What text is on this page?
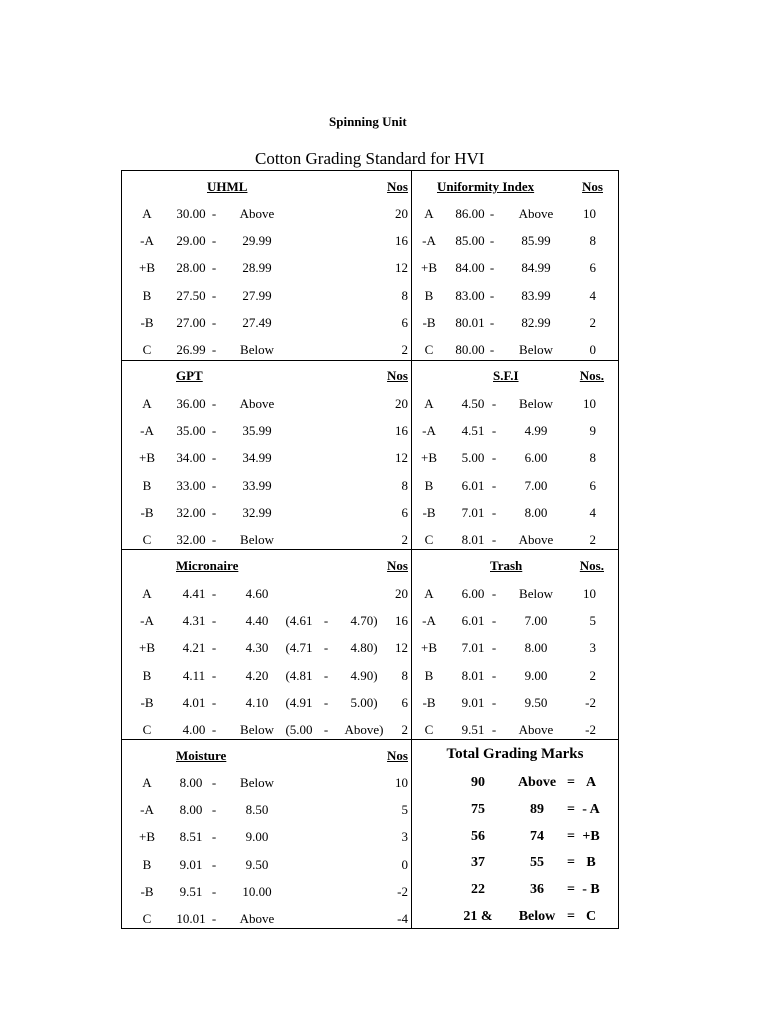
Spinning Unit
Cotton Grading Standard for HVI
UHML	Nos
A 30.00 - Above	20
-A 29.00 - 29.99	16
+B 28.00 - 28.99	12
B 27.50 - 27.99	8
-B 27.00 - 27.49	6
C 26.99 - Below	2
Uniformity Index	Nos
A 86.00 - Above 10
-A 85.00 - 85.99	8
+B 84.00 - 84.99	6
B 83.00 - 83.99	4
-B 80.01 - 82.99	2
C 80.00 - Below	0
GPT	Nos
A 36.00 - Above	20
-A 35.00 - 35.99	16
+B 34.00 - 34.99	12
B 33.00 - 33.99	8
-B 32.00 - 32.99	6
C 32.00 - Below	2
S.F.I	Nos.
A 4.50 - Below 10
-A 4.51 - 4.99	9
+B 5.00 - 6.00	8
B 6.01 - 7.00	6
-B 7.01 - 8.00	4
C 8.01 - Above	2
Micronaire	Nos
A 4.41 - 4.60	20
-A 4.31 - 4.40 (4.61 - 4.70) 16
+B 4.21 - 4.30 (4.71 - 4.80) 12
B 4.11 - 4.20 (4.81 - 4.90) 8
-B 4.01 - 4.10 (4.91 - 5.00) 6
C 4.00 - Below (5.00 - Above) 2
Trash	Nos.
A 6.00 - Below 10
-A 6.01 - 7.00	5
+B 7.01 - 8.00	3
B 8.01 - 9.00	2
-B 9.01 - 9.50	-2
C 9.51 - Above -2
Moisture	Nos
A 8.00 - Below	10
-A 8.00 - 8.50	5
+B 8.51 - 9.00	3
B 9.01 - 9.50	0
-B 9.51 - 10.00	-2
C 10.01 - Above	-4
Total Grading Marks
90 Above = A
75	89 = - A
56	74 = +B
37	55 = B
22	36 = - B
21 & Below = C
